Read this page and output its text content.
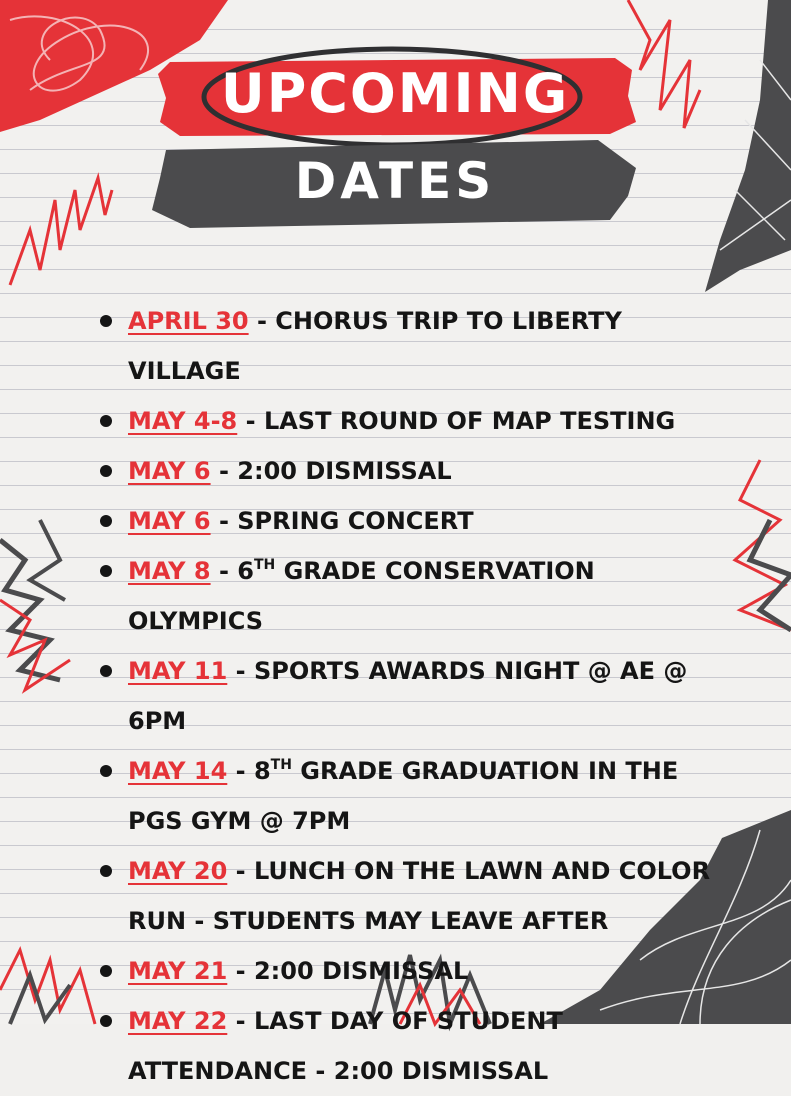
UPCOMING
DATES
APRIL 30 - CHORUS TRIP TO LIBERTY VILLAGE
MAY 4-8 - LAST ROUND OF MAP TESTING
MAY 6 - 2:00 DISMISSAL
MAY 6 - SPRING CONCERT
MAY 8 - 6TH GRADE CONSERVATION OLYMPICS
MAY 11 - SPORTS AWARDS NIGHT @ AE @ 6PM
MAY 14 - 8TH GRADE GRADUATION IN THE PGS GYM @ 7PM
MAY 20 - LUNCH ON THE LAWN AND COLOR RUN - STUDENTS MAY LEAVE AFTER
MAY 21 - 2:00 DISMISSAL
MAY 22 - LAST DAY OF STUDENT ATTENDANCE - 2:00 DISMISSAL
